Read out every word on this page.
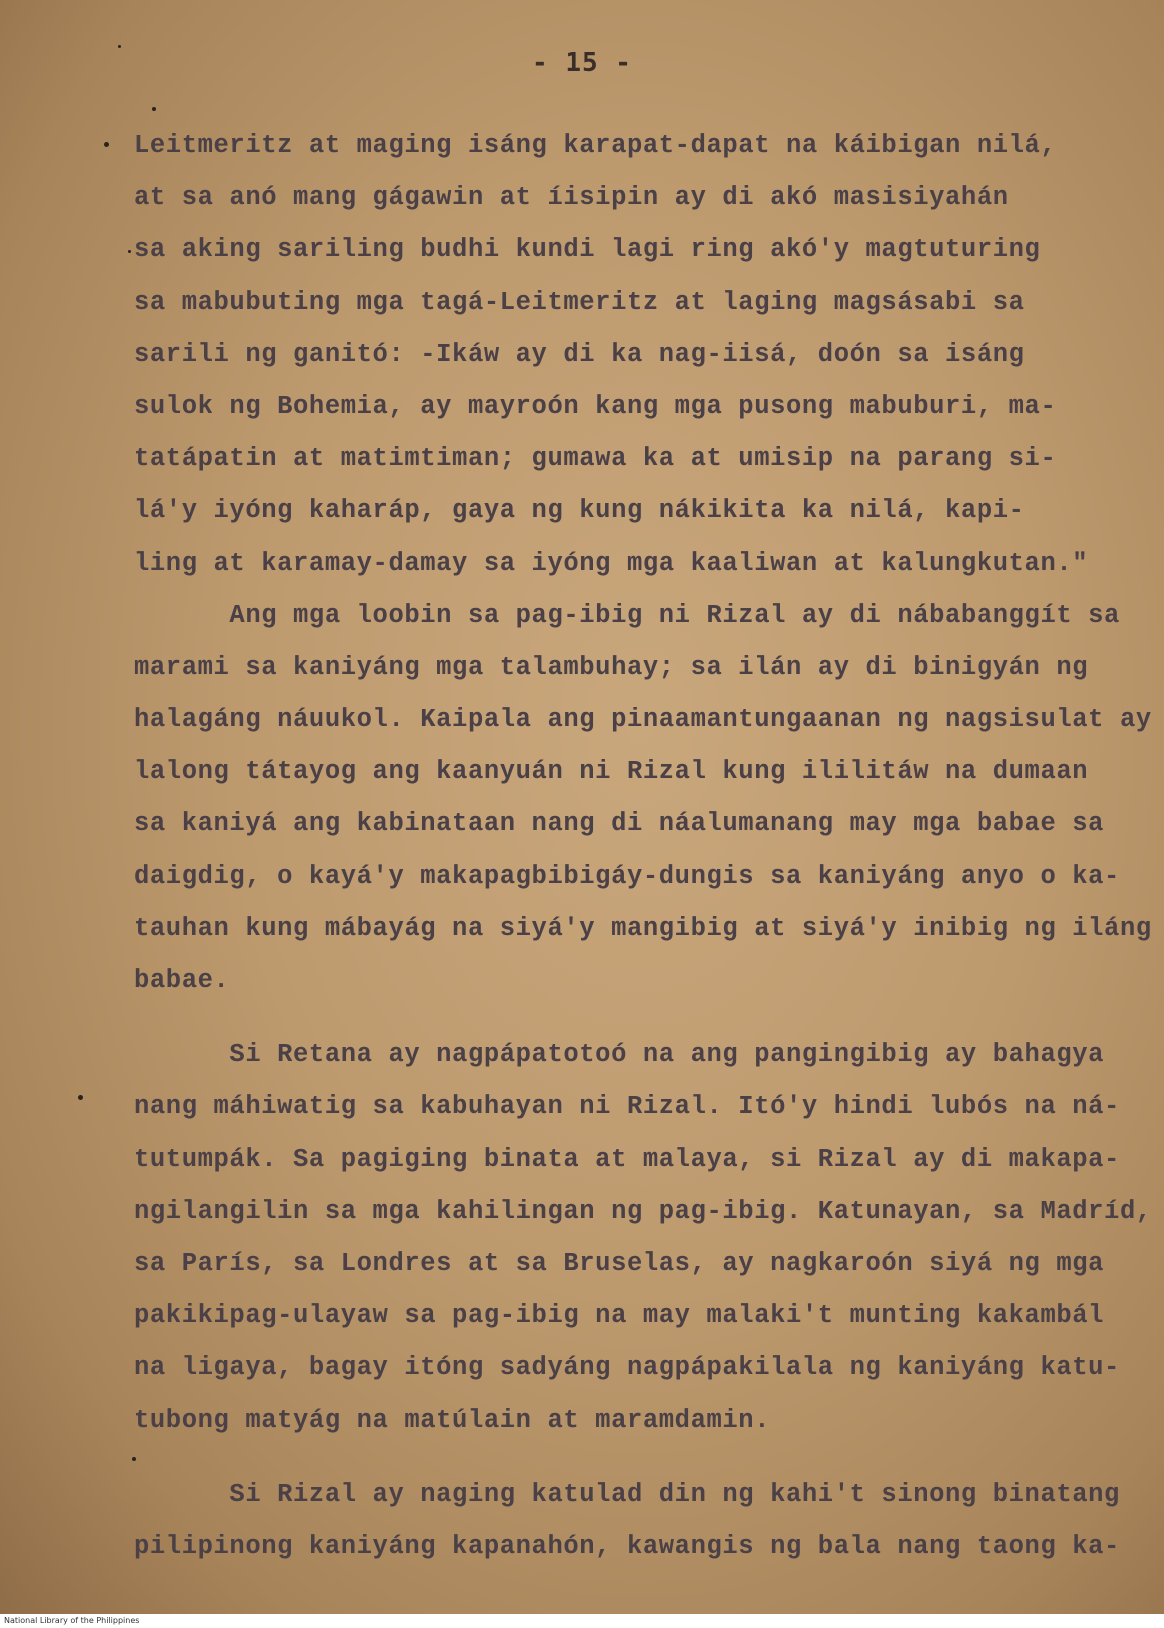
- 15 -
Leitmeritz at maging isáng karapat-dapat na káibigan nilá,
at sa anó mang gágawin at íisipin ay di akó masisiyahán
sa aking sariling budhi kundi lagi ring akó'y magtuturing
sa mabubuting mga tagá-Leitmeritz at laging magsásabi sa
sarili ng ganitó: -Ikáw ay di ka nag-iisá, doón sa isáng
sulok ng Bohemia, ay mayroón kang mga pusong mabuburi, ma-
tatápatin at matimtiman; gumawa ka at umisip na parang si-
lá'y iyóng kaharáp, gaya ng kung nákikita ka nilá, kapi-
ling at karamay-damay sa iyóng mga kaaliwan at kalungkutan."
Ang mga loobin sa pag-ibig ni Rizal ay di nábabanggít sa
marami sa kaniyáng mga talambuhay; sa ilán ay di binigyán ng
halagáng náuukol. Kaipala ang pinaamantungaanan ng nagsisulat ay
lalong tátayog ang kaanyuán ni Rizal kung ililitáw na dumaan
sa kaniyá ang kabinataan nang di náalumanang may mga babae sa
daigdig, o kayá'y makapagbibigáy-dungis sa kaniyáng anyo o ka-
tauhan kung mábayág na siyá'y mangibig at siyá'y inibig ng iláng
babae.
Si Retana ay nagpápatotoó na ang pangingibig ay bahagya
nang máhiwatig sa kabuhayan ni Rizal. Itó'y hindi lubós na ná-
tutumpák. Sa pagiging binata at malaya, si Rizal ay di makapa-
ngilangilin sa mga kahilingan ng pag-ibig. Katunayan, sa Madríd,
sa París, sa Londres at sa Bruselas, ay nagkaroón siyá ng mga
pakikipag-ulayaw sa pag-ibig na may malaki't munting kakambál
na ligaya, bagay itóng sadyáng nagpápakilala ng kaniyáng katu-
tubong matyág na matúlain at maramdamin.
Si Rizal ay naging katulad din ng kahi't sinong binatang
pilipinong kaniyáng kapanahón, kawangis ng bala nang taong ka-
National Library of the Philippines
